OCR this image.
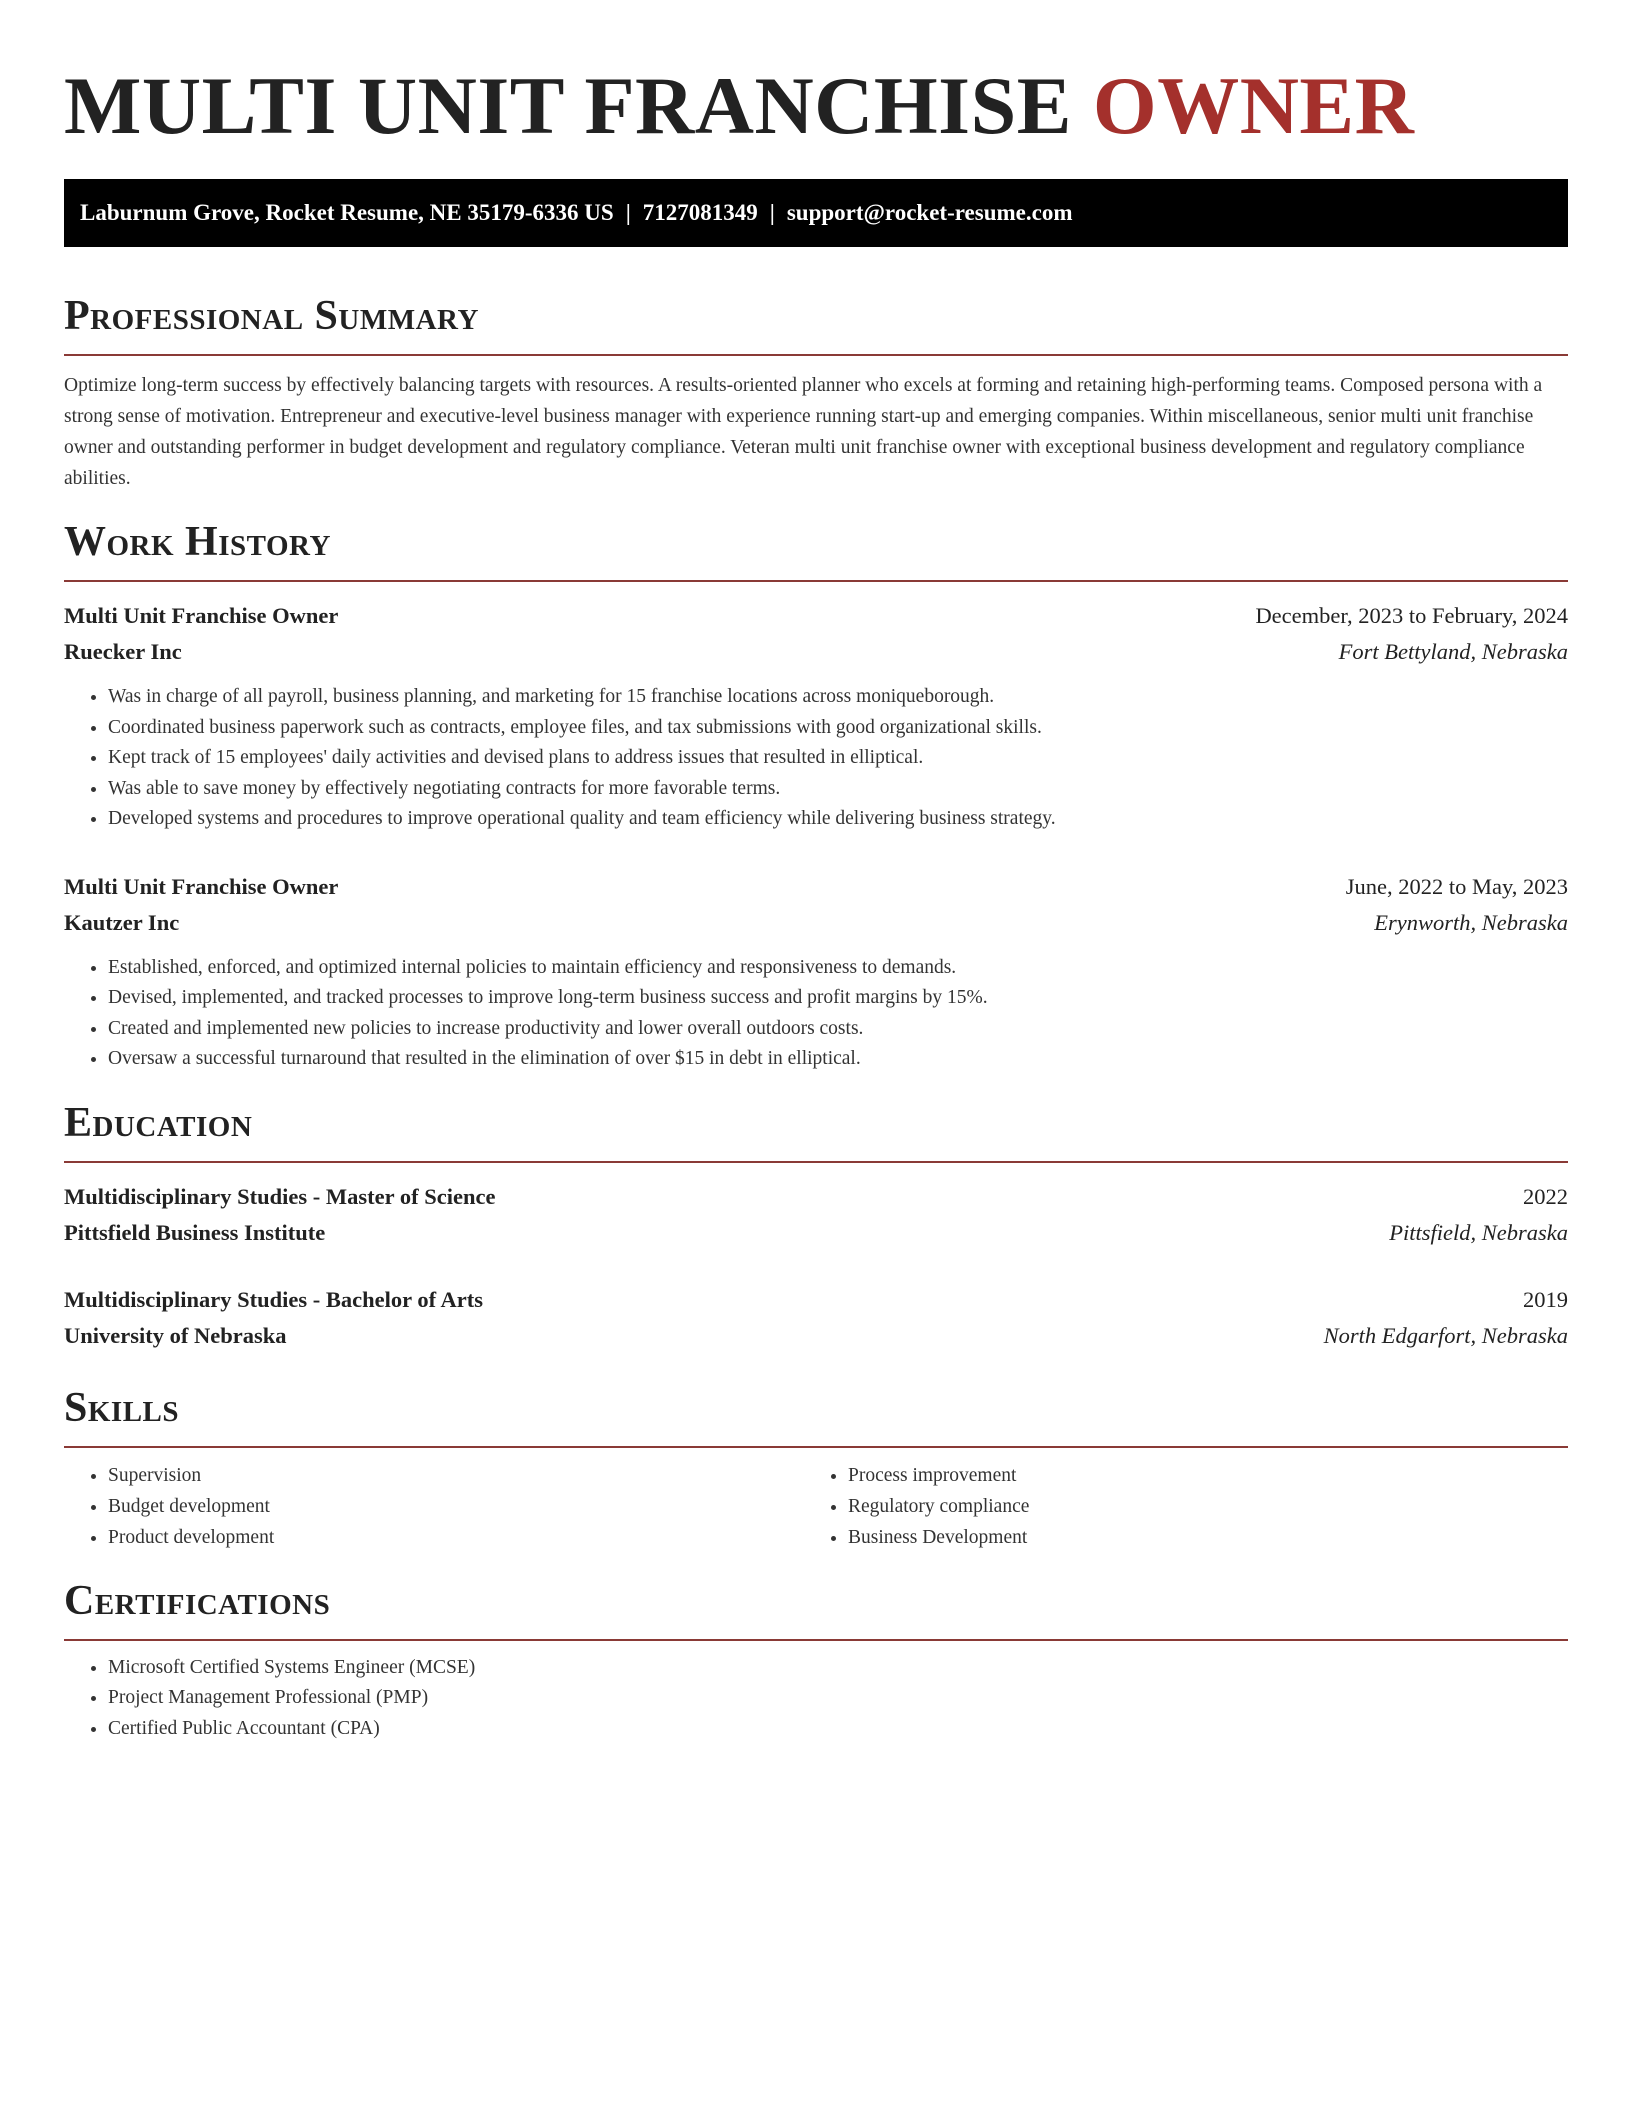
MULTI UNIT FRANCHISE OWNER
Laburnum Grove, Rocket Resume, NE 35179-6336 US | 7127081349 | support@rocket-resume.com
Professional Summary

Optimize long-term success by effectively balancing targets with resources. A results-oriented planner who excels at forming and retaining high-performing teams. Composed persona with a strong sense of motivation. Entrepreneur and executive-level business manager with experience running start-up and emerging companies. Within miscellaneous, senior multi unit franchise owner and outstanding performer in budget development and regulatory compliance. Veteran multi unit franchise owner with exceptional business development and regulatory compliance abilities.

Work History
Multi Unit Franchise Owner	December, 2023 to February, 2024
Ruecker Inc	Fort Bettyland, Nebraska
• Was in charge of all payroll, business planning, and marketing for 15 franchise locations across moniqueborough.
• Coordinated business paperwork such as contracts, employee files, and tax submissions with good organizational skills.
• Kept track of 15 employees' daily activities and devised plans to address issues that resulted in elliptical.
• Was able to save money by effectively negotiating contracts for more favorable terms.
• Developed systems and procedures to improve operational quality and team efficiency while delivering business strategy.
Multi Unit Franchise Owner	June, 2022 to May, 2023
Kautzer Inc	Erynworth, Nebraska
• Established, enforced, and optimized internal policies to maintain efficiency and responsiveness to demands.
• Devised, implemented, and tracked processes to improve long-term business success and profit margins by 15%.
• Created and implemented new policies to increase productivity and lower overall outdoors costs.
• Oversaw a successful turnaround that resulted in the elimination of over $15 in debt in elliptical.
Education
Multidisciplinary Studies - Master of Science	2022
Pittsfield Business Institute	Pittsfield, Nebraska
Multidisciplinary Studies - Bachelor of Arts	2019
University of Nebraska	North Edgarfort, Nebraska
Skills
• Supervision
• Budget development
• Product development
• Process improvement
• Regulatory compliance
• Business Development
Certifications
• Microsoft Certified Systems Engineer (MCSE)
• Project Management Professional (PMP)
• Certified Public Accountant (CPA)
